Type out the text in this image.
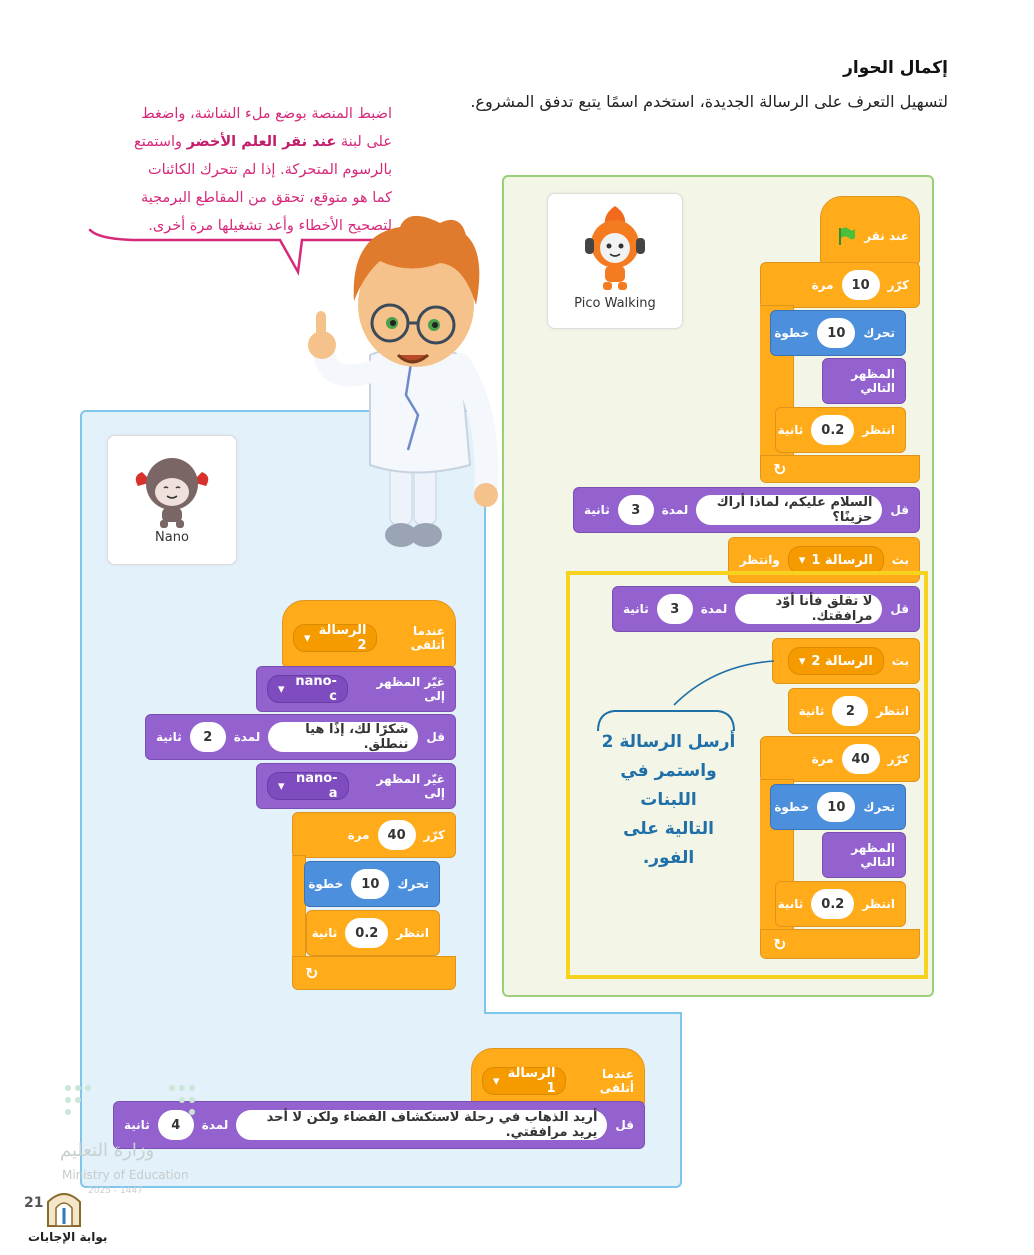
إكمال الحوار
لتسهيل التعرف على الرسالة الجديدة، استخدم اسمًا يتبع تدفق المشروع.
اضبط المنصة بوضع ملء الشاشة، واضغط
على لبنة عند نقر العلم الأخضر واستمتع
بالرسوم المتحركة. إذا لم تتحرك الكائنات
كما هو متوقع، تحقق من المقاطع البرمجية
لتصحيح الأخطاء وأعد تشغيلها مرة أخرى.
Pico Walking
Nano
عند نقر
كرّر
10
مرة
تحرك
10
خطوة
المظهر التالي
انتظر
0.2
ثانية
↻
قل
السلام عليكم، لماذا أراك حزينًا؟
لمدة
3
ثانية
بث
الرسالة 1
▾
وانتظر
قل
لا تقلق فأنا أوّد مرافقتك.
لمدة
3
ثانية
بث
الرسالة 2
▾
انتظر
2
ثانية
كرّر
40
مرة
تحرك
10
خطوة
المظهر التالي
انتظر
0.2
ثانية
↻
أرسل الرسالة 2
واستمر في اللبنات
التالية على الفور.
عندما أتلقى
الرسالة 2
▾
غيّر المظهر إلى
nano-c
▾
قل
شكرًا لك، إذًا هيا ننطلق.
لمدة
2
ثانية
غيّر المظهر إلى
nano-a
▾
كرّر
40
مرة
تحرك
10
خطوة
انتظر
0.2
ثانية
↻
عندما أتلقى
الرسالة 1
▾
قل
أريد الذهاب في رحلة لاستكشاف الفضاء ولكن لا أحد يريد مرافقتي.
لمدة
4
ثانية
وزارة التعليم
Ministry of Education
2025 - 1447
21
بوابة الإجابات
